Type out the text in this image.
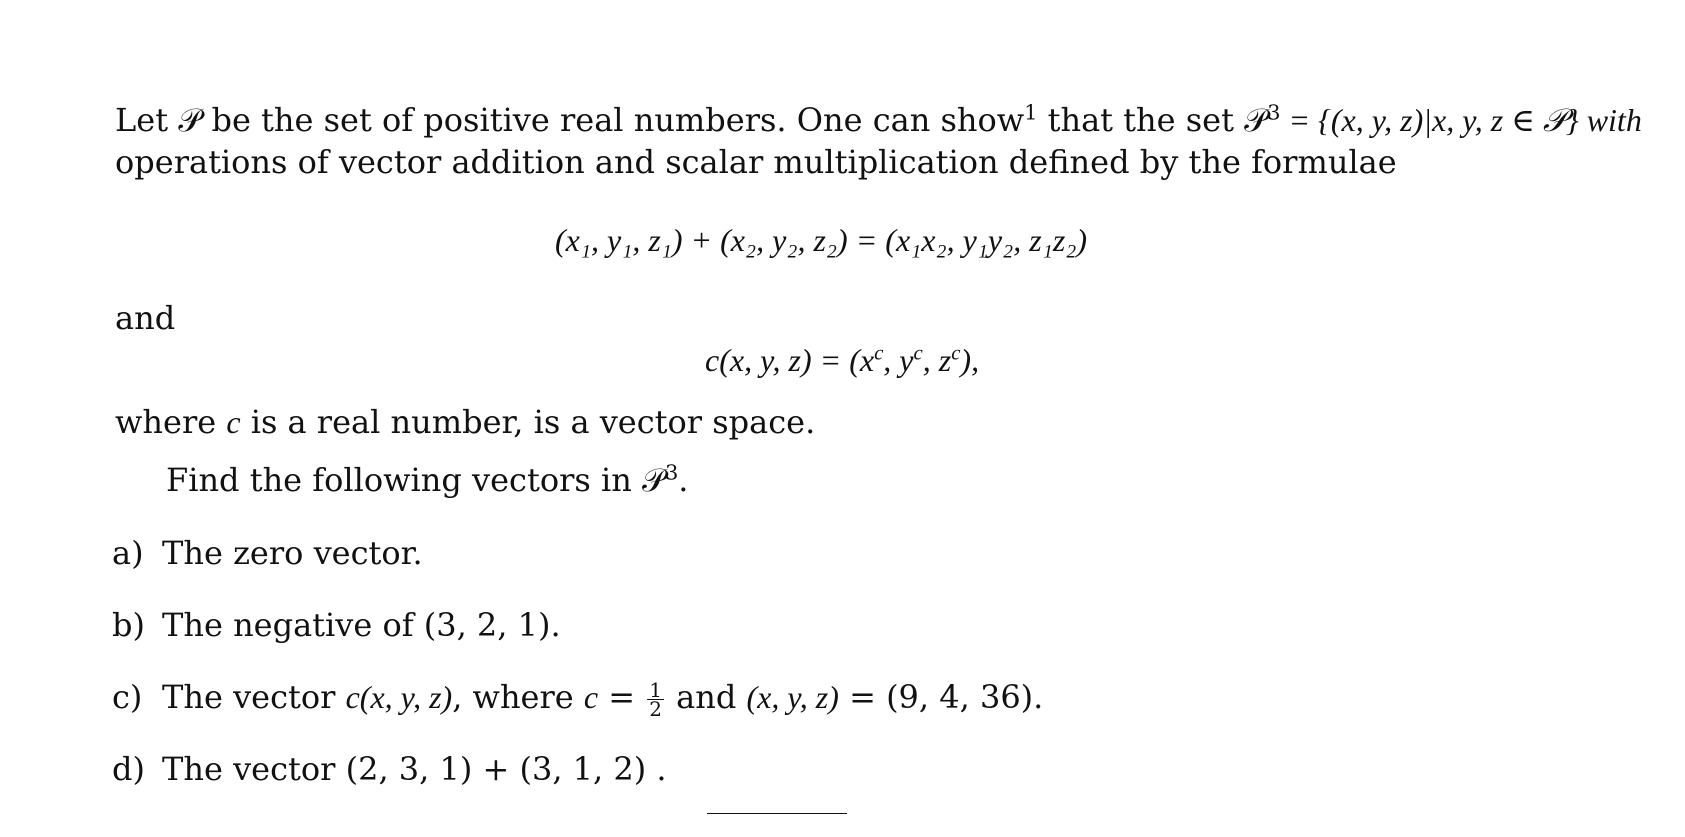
Let 𝒫 be the set of positive real numbers. One can show$^1$ that the set 𝒫$^3$ = {(x, y, z)|x, y, z ∈ 𝒫} with
operations of vector addition and scalar multiplication defined by the formulae
(x₁, y₁, z₁) + (x₂, y₂, z₂) = (x₁x₂, y₁y₂, z₁z₂)
and
c(x, y, $z) = (x^c$, $y^c$, $z^c$),
where c is a real number, is a vector space.
Find the following vectors in 𝒫$^3$.
a) The zero vector.
b) The negative of (3, 2, 1).
c) The vector c(x, y, z), where $c = \frac{1}{2}$ and (x, y, z) = (9, 4, 36).
d) The vector (2, 3, 1) + (3, 1, 2) .
